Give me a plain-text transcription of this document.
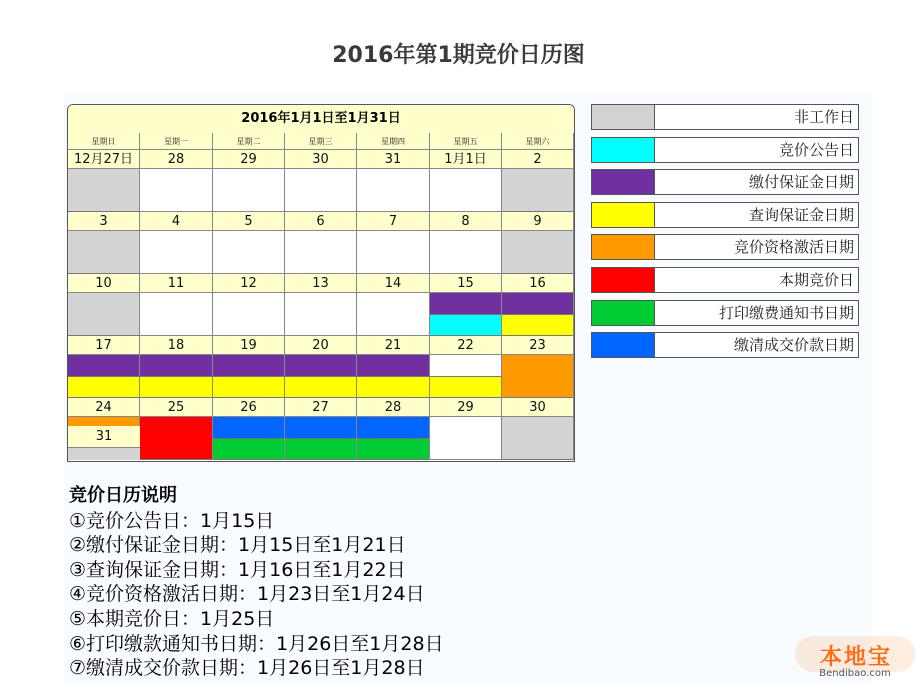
2016年第1期竞价日历图
2016年1月1日至1月31日
星期日	星期一	星期二	星期三	星期四	星期五	星期六
12月27日	28	29	30	31	1月1日	2
3	4	5	6	7	8	9
10	11	12	13	14	15	16
17	18	19	20	21	22	23
24	25	26	27	28	29	30
31
非工作日
竞价公告日
缴付保证金日期
查询保证金日期
竞价资格激活日期
本期竞价日
打印缴费通知书日期
缴清成交价款日期
竞价日历说明
①竞价公告日：1月15日
②缴付保证金日期：1月15日至1月21日
③查询保证金日期：1月16日至1月22日
④竞价资格激活日期：1月23日至1月24日
⑤本期竞价日：1月25日
⑥打印缴款通知书日期：1月26日至1月28日
⑦缴清成交价款日期：1月26日至1月28日	本地宝
Bendibao.com
